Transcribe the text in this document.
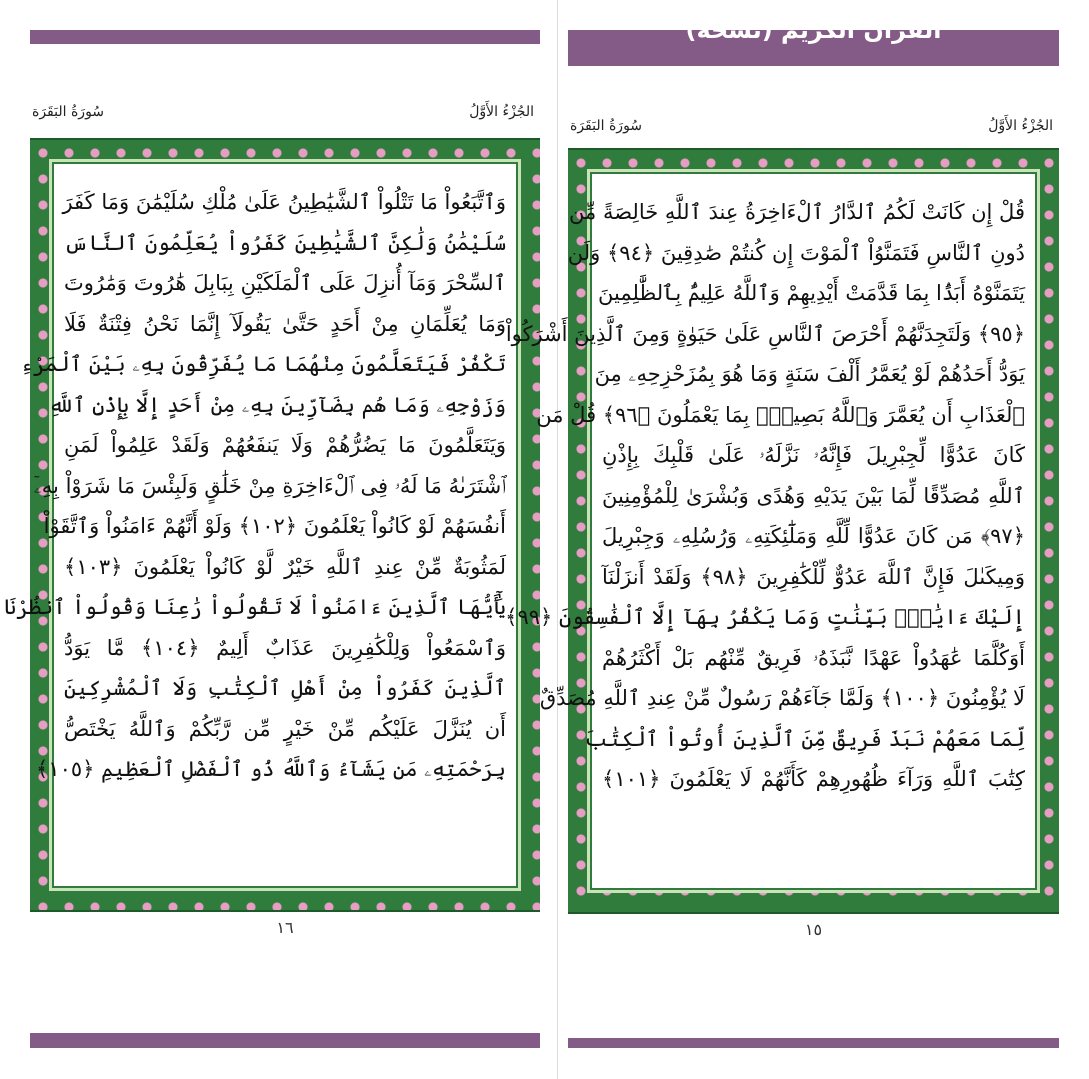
الجُزْءُ الأَوَّلُ
سُورَةُ البَقَرَة
وَٱتَّبَعُواْ مَا تَتْلُواْ ٱلشَّيَٰطِينُ عَلَىٰ مُلْكِ سُلَيْمَٰنَ وَمَا كَفَرَ
سُلَيْمَٰنُ وَلَٰكِنَّ ٱلشَّيَٰطِينَ كَفَرُواْ يُعَلِّمُونَ ٱلنَّاسَ
ٱلسِّحْرَ وَمَآ أُنزِلَ عَلَى ٱلْمَلَكَيْنِ بِبَابِلَ هَٰرُوتَ وَمَٰرُوتَ
وَمَا يُعَلِّمَانِ مِنْ أَحَدٍ حَتَّىٰ يَقُولَآ إِنَّمَا نَحْنُ فِتْنَةٌ فَلَا
تَكْفُرْ فَيَتَعَلَّمُونَ مِنْهُمَا مَا يُفَرِّقُونَ بِهِۦ بَيْنَ ٱلْمَرْءِ
وَزَوْجِهِۦ وَمَا هُم بِضَآرِّينَ بِهِۦ مِنْ أَحَدٍ إِلَّا بِإِذْنِ ٱللَّهِ
وَيَتَعَلَّمُونَ مَا يَضُرُّهُمْ وَلَا يَنفَعُهُمْ وَلَقَدْ عَلِمُواْ لَمَنِ
ٱشْتَرَىٰهُ مَا لَهُۥ فِى ٱلْءَاخِرَةِ مِنْ خَلَٰقٍ وَلَبِئْسَ مَا شَرَوْاْ بِهِۦٓ
أَنفُسَهُمْ لَوْ كَانُواْ يَعْلَمُونَ ﴿١٠٢﴾ وَلَوْ أَنَّهُمْ ءَامَنُواْ وَٱتَّقَوْاْ
لَمَثُوبَةٌ مِّنْ عِندِ ٱللَّهِ خَيْرٌ لَّوْ كَانُواْ يَعْلَمُونَ ﴿١٠٣﴾
يَٰٓأَيُّهَا ٱلَّذِينَ ءَامَنُواْ لَا تَقُولُواْ رَٰعِنَا وَقُولُواْ ٱنظُرْنَا
وَٱسْمَعُواْ وَلِلْكَٰفِرِينَ عَذَابٌ أَلِيمٌ ﴿١٠٤﴾ مَّا يَوَدُّ
ٱلَّذِينَ كَفَرُواْ مِنْ أَهْلِ ٱلْكِتَٰبِ وَلَا ٱلْمُشْرِكِينَ
أَن يُنَزَّلَ عَلَيْكُم مِّنْ خَيْرٍ مِّن رَّبِّكُمْ وَٱللَّهُ يَخْتَصُّ
بِرَحْمَتِهِۦ مَن يَشَآءُ وَٱللَّهُ ذُو ٱلْفَضْلِ ٱلْعَظِيمِ ﴿١٠٥﴾
١٦
القرآن الكريم (نسخة)
الجُزْءُ الأَوَّلُ
سُورَةُ البَقَرَة
قُلْ إِن كَانَتْ لَكُمُ ٱلدَّارُ ٱلْءَاخِرَةُ عِندَ ٱللَّهِ خَالِصَةً مِّن
دُونِ ٱلنَّاسِ فَتَمَنَّوُاْ ٱلْمَوْتَ إِن كُنتُمْ صَٰدِقِينَ ﴿٩٤﴾ وَلَن
يَتَمَنَّوْهُ أَبَدًۢا بِمَا قَدَّمَتْ أَيْدِيهِمْ وَٱللَّهُ عَلِيمٌۢ بِٱلظَّٰلِمِينَ
﴿٩٥﴾ وَلَتَجِدَنَّهُمْ أَحْرَصَ ٱلنَّاسِ عَلَىٰ حَيَوٰةٍ وَمِنَ ٱلَّذِينَ أَشْرَكُواْ
يَوَدُّ أَحَدُهُمْ لَوْ يُعَمَّرُ أَلْفَ سَنَةٍ وَمَا هُوَ بِمُزَحْزِحِهِۦ مِنَ
ٱلْعَذَابِ أَن يُعَمَّرَ وَٱللَّهُ بَصِيرٌۢ بِمَا يَعْمَلُونَ ﴿٩٦﴾ قُلْ مَن
كَانَ عَدُوًّا لِّجِبْرِيلَ فَإِنَّهُۥ نَزَّلَهُۥ عَلَىٰ قَلْبِكَ بِإِذْنِ
ٱللَّهِ مُصَدِّقًا لِّمَا بَيْنَ يَدَيْهِ وَهُدًى وَبُشْرَىٰ لِلْمُؤْمِنِينَ
﴿٩٧﴾ مَن كَانَ عَدُوًّا لِّلَّهِ وَمَلَٰٓئِكَتِهِۦ وَرُسُلِهِۦ وَجِبْرِيلَ
وَمِيكَىٰلَ فَإِنَّ ٱللَّهَ عَدُوٌّ لِّلْكَٰفِرِينَ ﴿٩٨﴾ وَلَقَدْ أَنزَلْنَآ
إِلَيْكَ ءَايَٰتٍۭ بَيِّنَٰتٍ وَمَا يَكْفُرُ بِهَآ إِلَّا ٱلْفَٰسِقُونَ ﴿٩٩﴾
أَوَكُلَّمَا عَٰهَدُواْ عَهْدًا نَّبَذَهُۥ فَرِيقٌ مِّنْهُم بَلْ أَكْثَرُهُمْ
لَا يُؤْمِنُونَ ﴿١٠٠﴾ وَلَمَّا جَآءَهُمْ رَسُولٌ مِّنْ عِندِ ٱللَّهِ مُصَدِّقٌ
لِّمَا مَعَهُمْ نَبَذَ فَرِيقٌ مِّنَ ٱلَّذِينَ أُوتُواْ ٱلْكِتَٰبَ
كِتَٰبَ ٱللَّهِ وَرَآءَ ظُهُورِهِمْ كَأَنَّهُمْ لَا يَعْلَمُونَ ﴿١٠١﴾
١٥
